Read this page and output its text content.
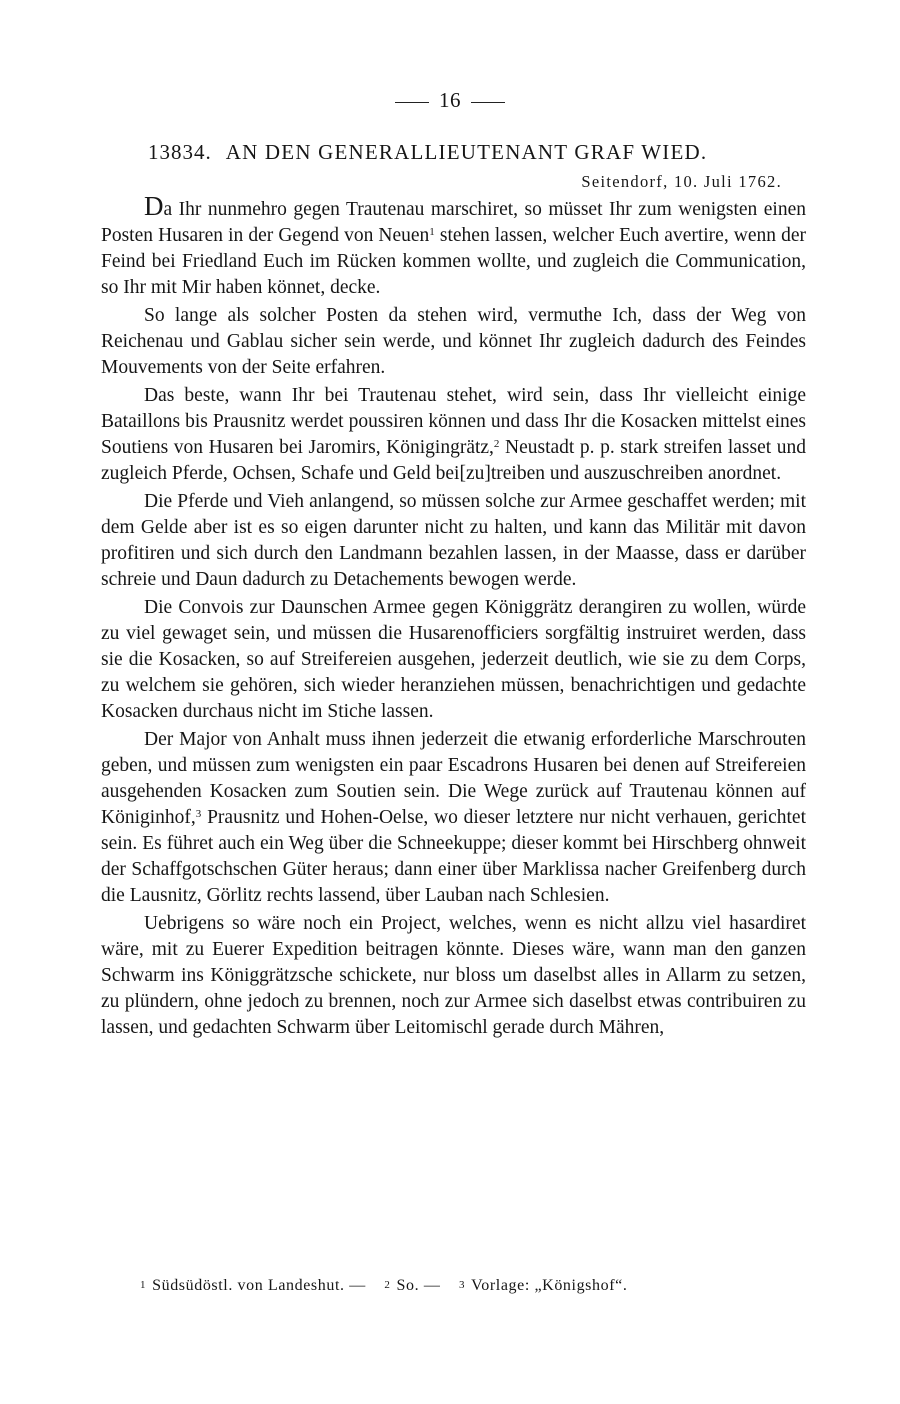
16
13834. AN DEN GENERALLIEUTENANT GRAF WIED.
Seitendorf, 10. Juli 1762.

Da Ihr nunmehro gegen Trautenau marschiret, so müsset Ihr zum wenigsten einen Posten Husaren in der Gegend von Neuen$^1$ stehen lassen, welcher Euch avertire, wenn der Feind bei Friedland Euch im Rücken kommen wollte, und zugleich die Communication, so Ihr mit Mir haben könnet, decke.

So lange als solcher Posten da stehen wird, vermuthe Ich, dass der Weg von Reichenau und Gablau sicher sein werde, und könnet Ihr zugleich dadurch des Feindes Mouvements von der Seite erfahren.

Das beste, wann Ihr bei Trautenau stehet, wird sein, dass Ihr vielleicht einige Bataillons bis Prausnitz werdet poussiren können und dass Ihr die Kosacken mittelst eines Soutiens von Husaren bei Jaromirs, Königingrätz,$^2$ Neustadt p. p. stark streifen lasset und zugleich Pferde, Ochsen, Schafe und Geld bei[zu]treiben und auszuschreiben anordnet.

Die Pferde und Vieh anlangend, so müssen solche zur Armee geschaffet werden; mit dem Gelde aber ist es so eigen darunter nicht zu halten, und kann das Militär mit davon profitiren und sich durch den Landmann bezahlen lassen, in der Maasse, dass er darüber schreie und Daun dadurch zu Detachements bewogen werde.

Die Convois zur Daunschen Armee gegen Königgrätz derangiren zu wollen, würde zu viel gewaget sein, und müssen die Husarenofficiers sorgfältig instruiret werden, dass sie die Kosacken, so auf Streifereien ausgehen, jederzeit deutlich, wie sie zu dem Corps, zu welchem sie gehören, sich wieder heranziehen müssen, benachrichtigen und gedachte Kosacken durchaus nicht im Stiche lassen.

Der Major von Anhalt muss ihnen jederzeit die etwanig erforderliche Marschrouten geben, und müssen zum wenigsten ein paar Escadrons Husaren bei denen auf Streifereien ausgehenden Kosacken zum Soutien sein. Die Wege zurück auf Trautenau können auf Königinhof,$^3$ Prausnitz und Hohen-Oelse, wo dieser letztere nur nicht verhauen, gerichtet sein. Es führet auch ein Weg über die Schneekuppe; dieser kommt bei Hirschberg ohnweit der Schaffgotschschen Güter heraus; dann einer über Marklissa nacher Greifenberg durch die Lausnitz, Görlitz rechts lassend, über Lauban nach Schlesien.

Uebrigens so wäre noch ein Project, welches, wenn es nicht allzu viel hasardiret wäre, mit zu Euerer Expedition beitragen könnte. Dieses wäre, wann man den ganzen Schwarm ins Königgrätzsche schickete, nur bloss um daselbst alles in Allarm zu setzen, zu plündern, ohne jedoch zu brennen, noch zur Armee sich daselbst etwas contribuiren zu lassen, und gedachten Schwarm über Leitomischl gerade durch Mähren,

1 Südsüdöstl. von Landeshut. — 2 So. — 3 Vorlage: „Königshof“.
